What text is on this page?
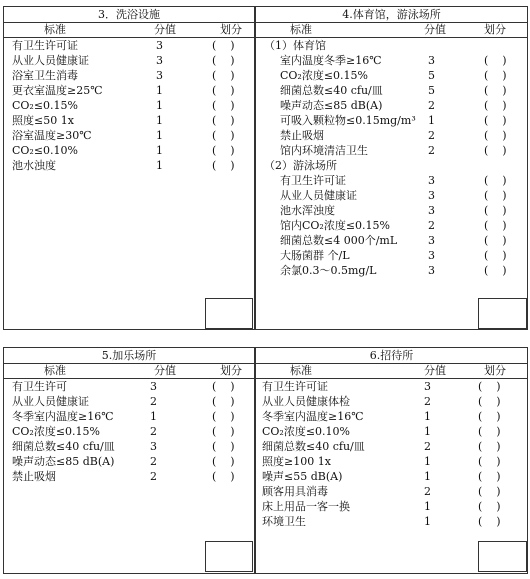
3．洗浴设施
标准	分值	划分
有卫生许可证	3	(    )
从业人员健康证	3	(    )
浴室卫生消毒	3	(    )
更衣室温度≥25℃	1	(    )
CO₂≤0.15%	1	(    )
照度≤50 1x	1	(    )
浴室温度≥30℃	1	(    )
CO₂≤0.10%	1	(    )
池水浊度	1	(    )
4.体育馆，游泳场所
标准	分值	划分
（1）体育馆
室内温度冬季≥16℃	3	(    )
CO₂浓度≤0.15%	5	(    )
细菌总数≤40 cfu/皿	5	(    )
噪声动态≤85 dB(A)	2	(    )
可吸入颗粒物≤0.15mg/m³ 1	(    )
禁止吸烟	2	(    )
馆内环境清洁卫生	2	(    )
（2）游泳场所
有卫生许可证	3	(    )
从业人员健康证	3	(    )
池水浑浊度	3	(    )
馆内CO₂浓度≤0.15%	2	(    )
细菌总数≤4 000个/mL	3	(    )
大肠菌群 个/L	3	(    )
余氯0.3～0.5mg/L	3	(    )
5.加乐场所
标准	分值	划分
有卫生许可	3	(    )
从业人员健康证	2	(    )
冬季室内温度≥16℃	1	(    )
CO₂浓度≤0.15%	2	(    )
细菌总数≤40 cfu/皿	3	(    )
噪声动态≤85 dB(A)	2	(    )
禁止吸烟	2	(    )
6.招待所
标准	分值	划分
有卫生许可证	3	(    )
从业人员健康体检	2	(    )
冬季室内温度≥16℃	1	(    )
CO₂浓度≤0.10%	1	(    )
细菌总数≤40 cfu/皿	2	(    )
照度≥100 1x	1	(    )
噪声≤55 dB(A)	1	(    )
顾客用具消毒	2	(    )
床上用品一客一换	1	(    )
环境卫生	1	(    )
